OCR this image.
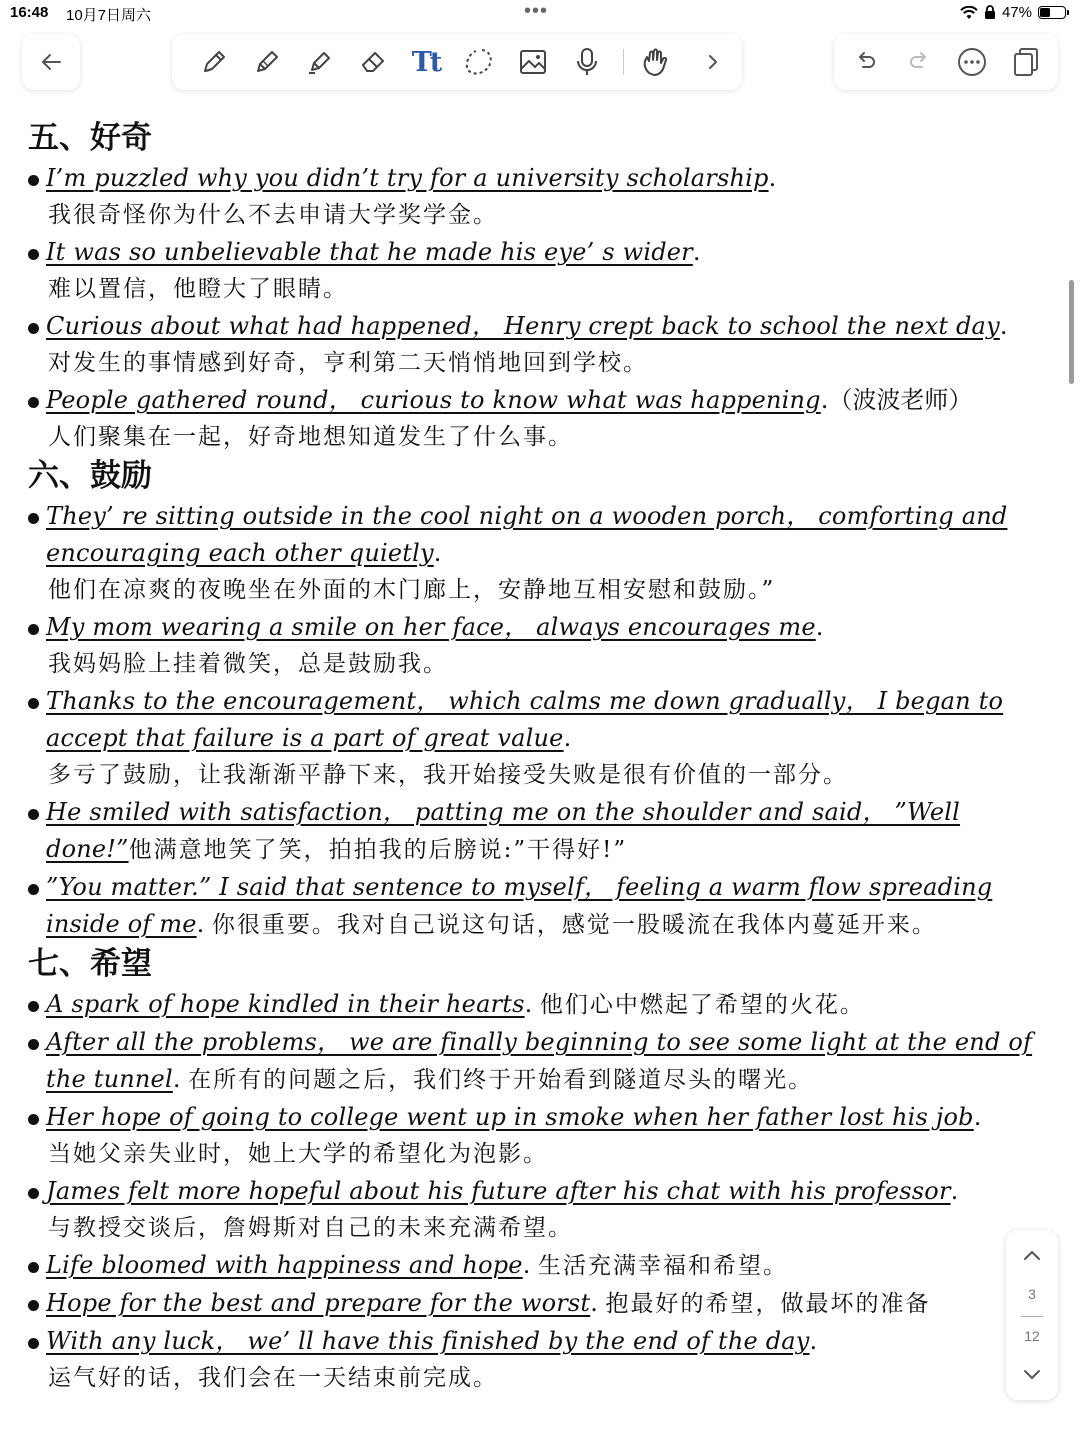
16:48 10月7日周六	•••	47%
Tt
五、好奇
I’m puzzled why you didn’t try for a university scholarship.
我很奇怪你为什么不去申请大学奖学金。
It was so unbelievable that he made his eye’ s wider.
难以置信，他瞪大了眼睛。
Curious about what had happened， Henry crept back to school the next day.
对发生的事情感到好奇，亨利第二天悄悄地回到学校。
People gathered round， curious to know what was happening.（波波老师）
人们聚集在一起，好奇地想知道发生了什么事。
六、鼓励
They’ re sitting outside in the cool night on a wooden porch， comforting and encouraging each other quietly.
他们在凉爽的夜晚坐在外面的木门廊上，安静地互相安慰和鼓励。”
My mom wearing a smile on her face， always encourages me.
我妈妈脸上挂着微笑，总是鼓励我。
Thanks to the encouragement， which calms me down gradually， I began to accept that failure is a part of great value.
多亏了鼓励，让我渐渐平静下来，我开始接受失败是很有价值的一部分。
He smiled with satisfaction， patting me on the shoulder and said， ”Well done!”他满意地笑了笑，拍拍我的后膀说:”干得好!”
”You matter.” I said that sentence to myself， feeling a warm flow spreading inside of me. 你很重要。我对自己说这句话，感觉一股暖流在我体内蔓延开来。
七、希望
A spark of hope kindled in their hearts. 他们心中燃起了希望的火花。
After all the problems， we are finally beginning to see some light at the end of the tunnel. 在所有的问题之后，我们终于开始看到隧道尽头的曙光。
Her hope of going to college went up in smoke when her father lost his job.
当她父亲失业时，她上大学的希望化为泡影。
James felt more hopeful about his future after his chat with his professor.
与教授交谈后，詹姆斯对自己的未来充满希望。
Life bloomed with happiness and hope. 生活充满幸福和希望。
Hope for the best and prepare for the worst. 抱最好的希望，做最坏的准备
With any luck， we’ ll have this finished by the end of the day.
运气好的话，我们会在一天结束前完成。
3
12
